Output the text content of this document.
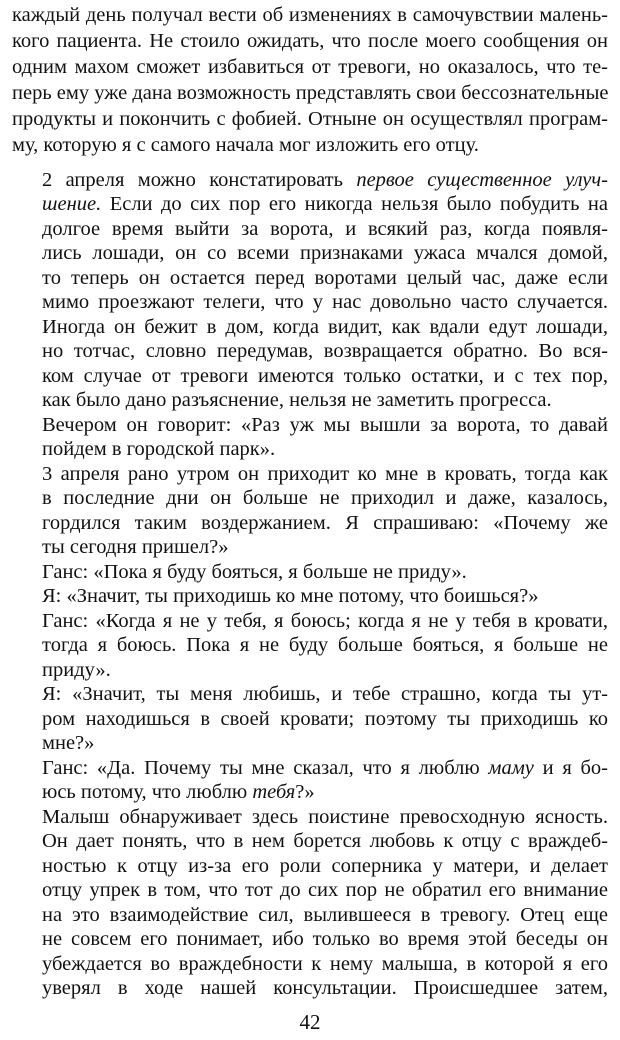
каждый день получал вести об изменениях в самочувствии малень-
кого пациента. Не стоило ожидать, что после моего сообщения он
одним махом сможет избавиться от тревоги, но оказалось, что те-
перь ему уже дана возможность представлять свои бессознательные
продукты и покончить с фобией. Отныне он осуществлял програм-
му, которую я с самого начала мог изложить его отцу.
2 апреля можно констатировать первое существенное улуч-
шение. Если до сих пор его никогда нельзя было побудить на
долгое время выйти за ворота, и всякий раз, когда появля-
лись лошади, он со всеми признаками ужаса мчался домой,
то теперь он остается перед воротами целый час, даже если
мимо проезжают телеги, что у нас довольно часто случается.
Иногда он бежит в дом, когда видит, как вдали едут лошади,
но тотчас, словно передумав, возвращается обратно. Во вся-
ком случае от тревоги имеются только остатки, и с тех пор,
как было дано разъяснение, нельзя не заметить прогресса.
Вечером он говорит: «Раз уж мы вышли за ворота, то давай
пойдем в городской парк».
3 апреля рано утром он приходит ко мне в кровать, тогда как
в последние дни он больше не приходил и даже, казалось,
гордился таким воздержанием. Я спрашиваю: «Почему же
ты сегодня пришел?»
Ганс: «Пока я буду бояться, я больше не приду».
Я: «Значит, ты приходишь ко мне потому, что боишься?»
Ганс: «Когда я не у тебя, я боюсь; когда я не у тебя в кровати,
тогда я боюсь. Пока я не буду больше бояться, я больше не
приду».
Я: «Значит, ты меня любишь, и тебе страшно, когда ты ут-
ром находишься в своей кровати; поэтому ты приходишь ко
мне?»
Ганс: «Да. Почему ты мне сказал, что я люблю маму и я бо-
юсь потому, что люблю тебя?»
Малыш обнаруживает здесь поистине превосходную ясность.
Он дает понять, что в нем борется любовь к отцу с враждеб-
ностью к отцу из-за его роли соперника у матери, и делает
отцу упрек в том, что тот до сих пор не обратил его внимание
на это взаимодействие сил, вылившееся в тревогу. Отец еще
не совсем его понимает, ибо только во время этой беседы он
убеждается во враждебности к нему малыша, в которой я его
уверял в ходе нашей консультации. Происшедшее затем,
42
